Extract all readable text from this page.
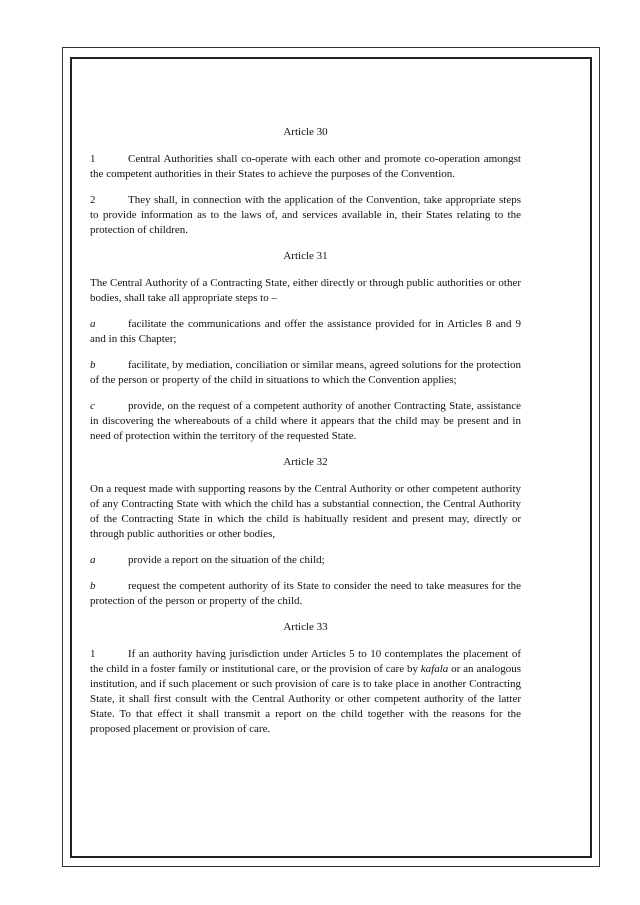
Article 30
1	Central Authorities shall co-operate with each other and promote co-operation amongst the competent authorities in their States to achieve the purposes of the Convention.
2	They shall, in connection with the application of the Convention, take appropriate steps to provide information as to the laws of, and services available in, their States relating to the protection of children.
Article 31
The Central Authority of a Contracting State, either directly or through public authorities or other bodies, shall take all appropriate steps to –
a	facilitate the communications and offer the assistance provided for in Articles 8 and 9 and in this Chapter;
b	facilitate, by mediation, conciliation or similar means, agreed solutions for the protection of the person or property of the child in situations to which the Convention applies;
c	provide, on the request of a competent authority of another Contracting State, assistance in discovering the whereabouts of a child where it appears that the child may be present and in need of protection within the territory of the requested State.
Article 32
On a request made with supporting reasons by the Central Authority or other competent authority of any Contracting State with which the child has a substantial connection, the Central Authority of the Contracting State in which the child is habitually resident and present may, directly or through public authorities or other bodies,
a	provide a report on the situation of the child;
b	request the competent authority of its State to consider the need to take measures for the protection of the person or property of the child.
Article 33
1	If an authority having jurisdiction under Articles 5 to 10 contemplates the placement of the child in a foster family or institutional care, or the provision of care by kafala or an analogous institution, and if such placement or such provision of care is to take place in another Contracting State, it shall first consult with the Central Authority or other competent authority of the latter State. To that effect it shall transmit a report on the child together with the reasons for the proposed placement or provision of care.
